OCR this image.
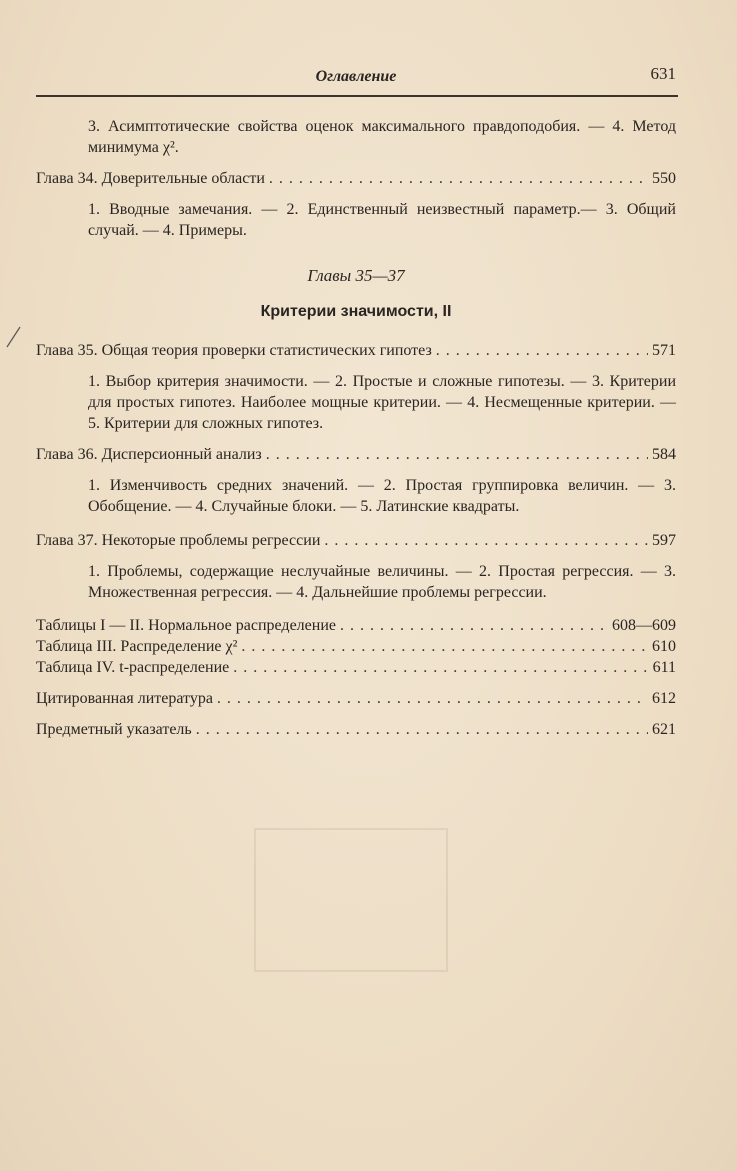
Оглавление	631

3. Асимптотические свойства оценок максимального правдоподобия. — 4. Метод минимума χ².

Глава 34. Доверительные области . . .	550

1. Вводные замечания. — 2. Единственный неизвестный параметр.— 3. Общий случай. — 4. Примеры.

Главы 35—37

Критерии значимости, II

Глава 35. Общая теория проверки статистических гипотез . . .	571

1. Выбор критерия значимости. — 2. Простые и сложные гипотезы. — 3. Критерии для простых гипотез. Наиболее мощные критерии. — 4. Несмещенные критерии. — 5. Критерии для сложных гипотез.

Глава 36. Дисперсионный анализ . . .	584

1. Изменчивость средних значений. — 2. Простая группировка величин. — 3. Обобщение. — 4. Случайные блоки. — 5. Латинские квадраты.

Глава 37. Некоторые проблемы регрессии . . .	597

1. Проблемы, содержащие неслучайные величины. — 2. Простая регрессия. — 3. Множественная регрессия. — 4. Дальнейшие проблемы регрессии.

Таблицы I — II. Нормальное распределение . . .	608—609
Таблица III. Распределение χ² . . .	610
Таблица IV. t-распределение . . .	611
Цитированная литература . . .	612
Предметный указатель . . .	621
